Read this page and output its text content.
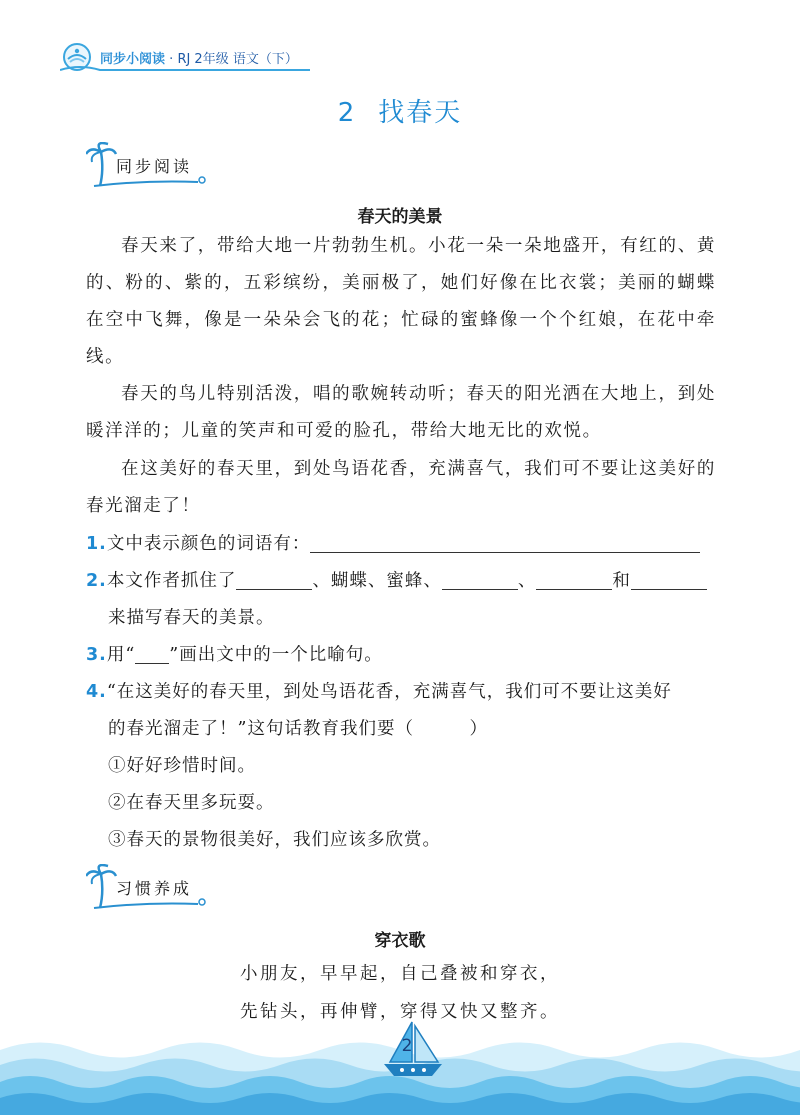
同步小阅读 · RJ 2年级 语文（下）
2 找春天
同步阅读
春天的美景
春天来了，带给大地一片勃勃生机。小花一朵一朵地盛开，有红的、黄的、粉的、紫的，五彩缤纷，美丽极了，她们好像在比衣裳；美丽的蝴蝶在空中飞舞，像是一朵朵会飞的花；忙碌的蜜蜂像一个个红娘，在花中牵线。
春天的鸟儿特别活泼，唱的歌婉转动听；春天的阳光洒在大地上，到处暖洋洋的；儿童的笑声和可爱的脸孔，带给大地无比的欢悦。
在这美好的春天里，到处鸟语花香，充满喜气，我们可不要让这美好的春光溜走了！
1.文中表示颜色的词语有：
2.本文作者抓住了	、蝴蝶、蜜蜂、	、	和
来描写春天的美景。
3.用“ ”画出文中的一个比喻句。
4.“在这美好的春天里，到处鸟语花香，充满喜气，我们可不要让这美好
的春光溜走了！”这句话教育我们要（　　　）
①好好珍惜时间。
②在春天里多玩耍。
③春天的景物很美好，我们应该多欣赏。
习惯养成
穿衣歌
小朋友，早早起，自己叠被和穿衣，
先钻头，再伸臂，穿得又快又整齐。
2
